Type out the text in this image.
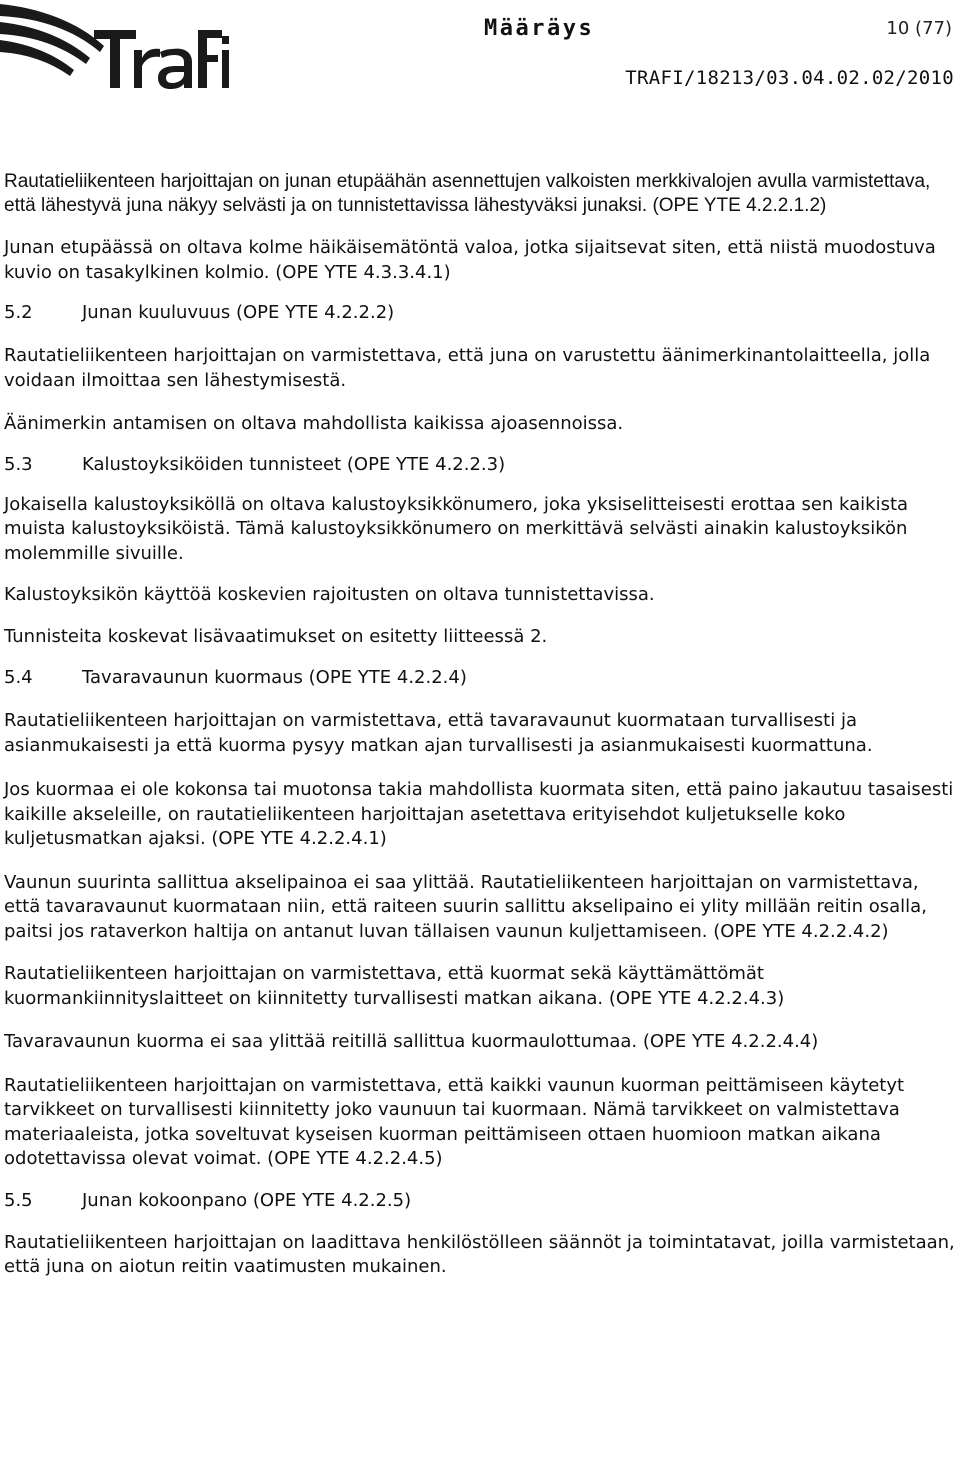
Määräys	10 (77)
TRAFI/18213/03.04.02.02/2010

Rautatieliikenteen harjoittajan on junan etupäähän asennettujen valkoisten merkkivalojen avulla varmistettava, että lähestyvä juna näkyy selvästi ja on tunnistettavissa lähestyväksi junaksi. (OPE YTE 4.2.2.1.2)

Junan etupäässä on oltava kolme häikäisemätöntä valoa, jotka sijaitsevat siten, että niistä muodostuva kuvio on tasakylkinen kolmio. (OPE YTE 4.3.3.4.1)

5.2	Junan kuuluvuus (OPE YTE 4.2.2.2)

Rautatieliikenteen harjoittajan on varmistettava, että juna on varustettu äänimerkinantolaitteella, jolla voidaan ilmoittaa sen lähestymisestä.

Äänimerkin antamisen on oltava mahdollista kaikissa ajoasennoissa.

5.3	Kalustoyksiköiden tunnisteet (OPE YTE 4.2.2.3)

Jokaisella kalustoyksiköllä on oltava kalustoyksikkönumero, joka yksiselitteisesti erottaa sen kaikista muista kalustoyksiköistä. Tämä kalustoyksikkönumero on merkittävä selvästi ainakin kalustoyksikön molemmille sivuille.

Kalustoyksikön käyttöä koskevien rajoitusten on oltava tunnistettavissa.

Tunnisteita koskevat lisävaatimukset on esitetty liitteessä 2.

5.4	Tavaravaunun kuormaus (OPE YTE 4.2.2.4)

Rautatieliikenteen harjoittajan on varmistettava, että tavaravaunut kuormataan turvallisesti ja asianmukaisesti ja että kuorma pysyy matkan ajan turvallisesti ja asianmukaisesti kuormattuna.

Jos kuormaa ei ole kokonsa tai muotonsa takia mahdollista kuormata siten, että paino jakautuu tasaisesti kaikille akseleille, on rautatieliikenteen harjoittajan asetettava erityisehdot kuljetukselle koko kuljetusmatkan ajaksi. (OPE YTE 4.2.2.4.1)

Vaunun suurinta sallittua akselipainoa ei saa ylittää. Rautatieliikenteen harjoittajan on varmistettava, että tavaravaunut kuormataan niin, että raiteen suurin sallittu akselipaino ei ylity millään reitin osalla, paitsi jos rataverkon haltija on antanut luvan tällaisen vaunun kuljettamiseen. (OPE YTE 4.2.2.4.2)

Rautatieliikenteen harjoittajan on varmistettava, että kuormat sekä käyttämättömät kuormankiinnityslaitteet on kiinnitetty turvallisesti matkan aikana. (OPE YTE 4.2.2.4.3)

Tavaravaunun kuorma ei saa ylittää reitillä sallittua kuormaulottumaa. (OPE YTE 4.2.2.4.4)

Rautatieliikenteen harjoittajan on varmistettava, että kaikki vaunun kuorman peittämiseen käytetyt tarvikkeet on turvallisesti kiinnitetty joko vaunuun tai kuormaan. Nämä tarvikkeet on valmistettava materiaaleista, jotka soveltuvat kyseisen kuorman peittämiseen ottaen huomioon matkan aikana odotettavissa olevat voimat. (OPE YTE 4.2.2.4.5)

5.5	Junan kokoonpano (OPE YTE 4.2.2.5)

Rautatieliikenteen harjoittajan on laadittava henkilöstölleen säännöt ja toimintatavat, joilla varmistetaan, että juna on aiotun reitin vaatimusten mukainen.
